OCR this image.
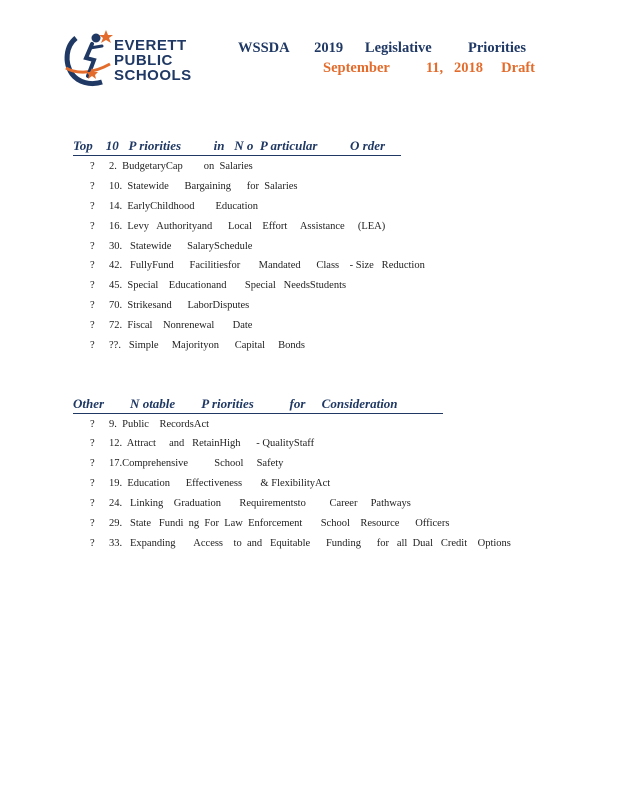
EVERETT
PUBLIC
SCHOOLS
WSSDA       2019      Legislative          Priorities
September          11,   2018     Draft
Top    10   P riorities          in   N o  P articular          O rder
? 2.  BudgetaryCap        on  Salaries
? 10.  Statewide      Bargaining      for  Salaries
? 14.  EarlyChildhood        Education
? 16.  Levy   Authorityand      Local    Effort     Assistance     (LEA)
? 30.   Statewide      SalarySchedule
? 42.   FullyFund      Facilitiesfor       Mandated      Class    - Size   Reduction
? 45.  Special    Educationand       Special   NeedsStudents
? 70.  Strikesand      LaborDisputes
? 72.  Fiscal    Nonrenewal       Date
? ??.   Simple     Majorityon      Capital     Bonds
Other        N otable        P riorities           for     Consideration
? 9.  Public    RecordsAct
? 12.  Attract     and   RetainHigh      - QualityStaff
? 17.Comprehensive          School     Safety
? 19.  Education      Effectiveness       & FlexibilityAct
? 24.   Linking    Graduation       Requirementsto         Career     Pathways
? 29.   State   Fundi  ng  For  Law  Enforcement       School    Resource      Officers
? 33.   Expanding       Access    to  and   Equitable      Funding      for   all  Dual   Credit    Options
